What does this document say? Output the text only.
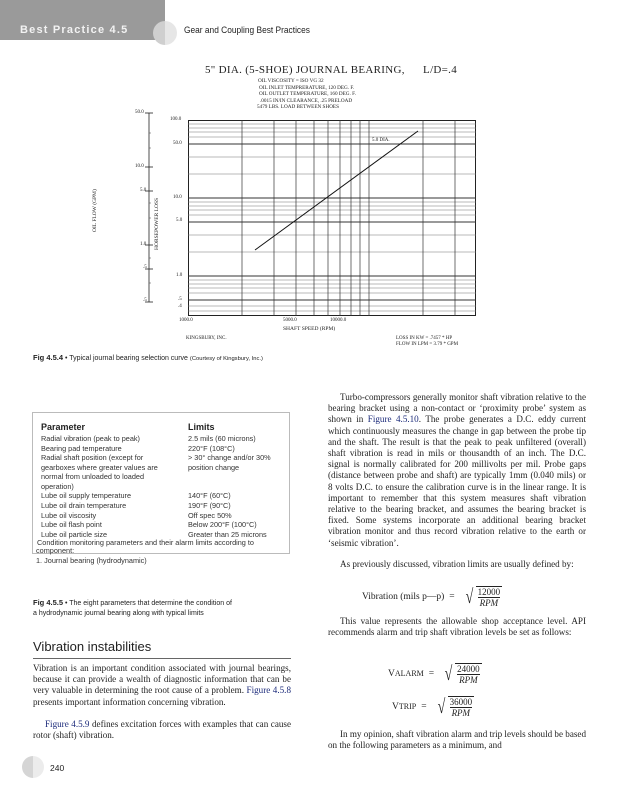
Best Practice 4.5	Gear and Coupling Best Practices
5" DIA. (5-SHOE) JOURNAL BEARING,      L/D=.4
OIL VISCOSITY = ISO VG 32
OIL INLET TEMPRERATURE, 120 DEG. F.
OIL OUTLET TEMPERATURE, 160 DEG. F.
.0015 IN/IN CLEARANCE, .25 PRELOAD
5479 LBS. LOAD BETWEEN SHOES
50.0
10.0
5.0
1.0
.5
.5
OIL FLOW (GPM)	HORSEPOWER LOSS
100.0
50.0
10.0
5.0
1.0
.5
.4
5.0 DIA.
1000.0	5000.0	10000.0
SHAFT SPEED (RPM)
KINGSBURY, INC.	LOSS IN KW = .7457 * HP
FLOW IN LPM = 3.79 * GPM
Fig 4.5.4 • Typical journal bearing selection curve (Courtesy of Kingsbury, Inc.)
Parameter	Limits
Radial vibration (peak to peak)	2.5 mils (60 microns)
Bearing pad temperature	220°F (108°C)
Radial shaft position (except for	> 30° change and/or 30%
gearboxes where greater values are	position change
normal from unloaded to loaded
operation)
Lube oil supply temperature	140°F (60°C)
Lube oil drain temperature	190°F (90°C)
Lube oil viscosity	Off spec 50%
Lube oil flash point	Below 200°F (100°C)
Lube oil particle size	Greater than 25 microns
Condition monitoring parameters and their alarm limits according to
component:
1. Journal bearing (hydrodynamic)
Fig 4.5.5 • The eight parameters that determine the condition of
a hydrodynamic journal bearing along with typical limits
Vibration instabilities
Vibration is an important condition associated with journal bearings, because it can provide a wealth of diagnostic information that can be very valuable in determining the root cause of a problem. Figure 4.5.8 presents important information concerning vibration.
Figure 4.5.9 defines excitation forces with examples that can cause rotor (shaft) vibration.
Turbo-compressors generally monitor shaft vibration relative to the bearing bracket using a non-contact or ‘proximity probe’ system as shown in Figure 4.5.10. The probe generates a D.C. eddy current which continuously measures the change in gap between the probe tip and the shaft. The result is that the peak to peak unfiltered (overall) shaft vibration is read in mils or thousandth of an inch. The D.C. signal is normally calibrated for 200 millivolts per mil. Probe gaps (distance between probe and shaft) are typically 1mm (0.040 mils) or 8 volts D.C. to ensure the calibration curve is in the linear range. It is important to remember that this system measures shaft vibration relative to the bearing bracket, and assumes the bearing bracket is fixed. Some systems incorporate an additional bearing bracket vibration monitor and thus record vibration relative to the earth or ‘seismic vibration’.
As previously discussed, vibration limits are usually defined by:
Vibration (mils p—p) = √ $\frac{12000}{\text{RPM}}$
This value represents the allowable shop acceptance level. API recommends alarm and trip shaft vibration levels be set as follows:
VALARM = √ $\frac{24000}{\text{RPM}}$
VTRIP = √ $\frac{36000}{\text{RPM}}$
In my opinion, shaft vibration alarm and trip levels should be based on the following parameters as a minimum, and
240
